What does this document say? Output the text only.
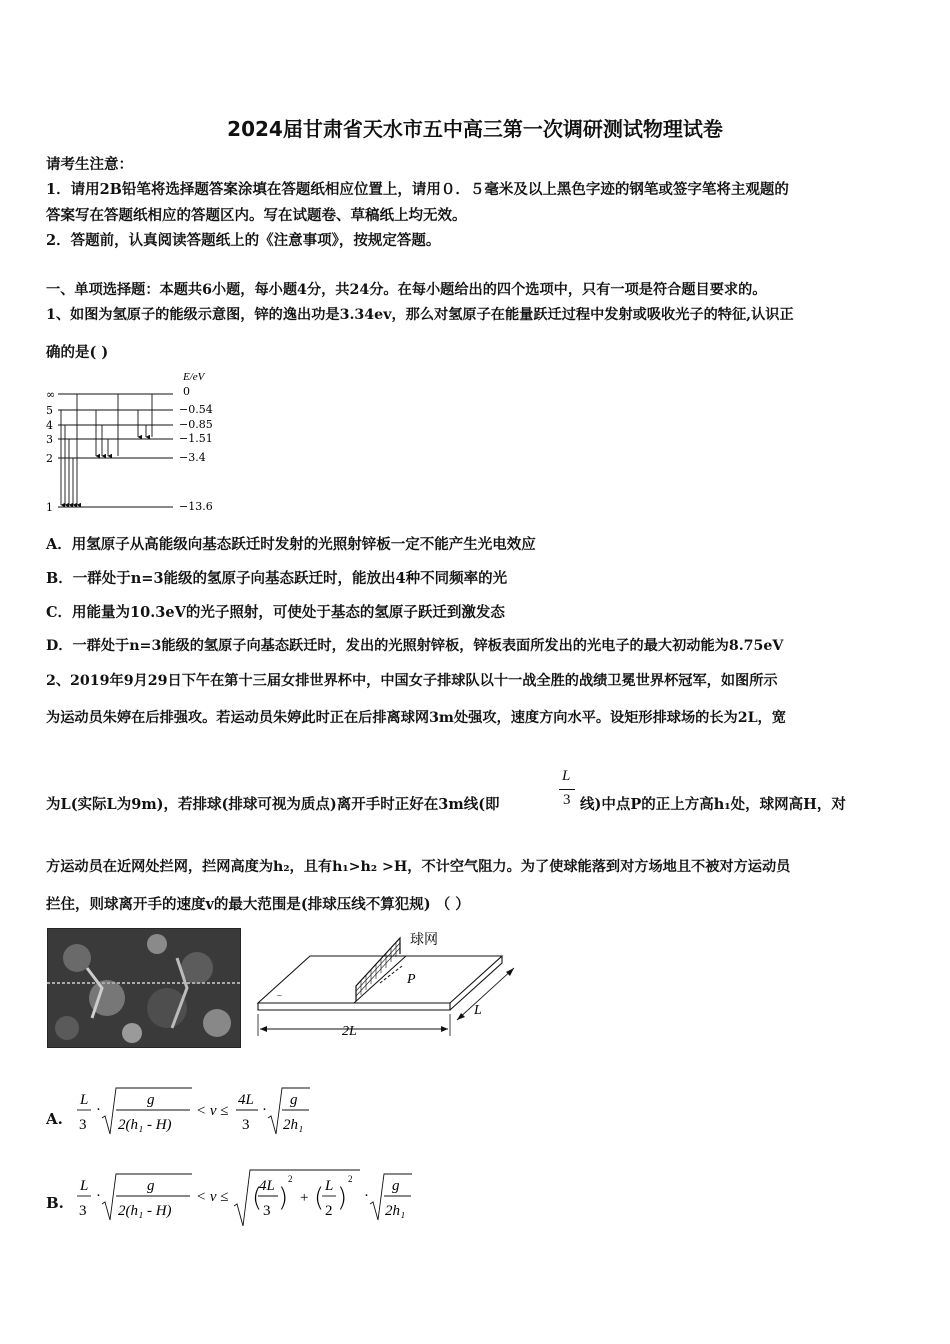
2024届甘肃省天水市五中高三第一次调研测试物理试卷
请考生注意：
1．请用2B铅笔将选择题答案涂填在答题纸相应位置上，请用０．５毫米及以上黑色字迹的钢笔或签字笔将主观题的
答案写在答题纸相应的答题区内。写在试题卷、草稿纸上均无效。
2．答题前，认真阅读答题纸上的《注意事项》，按规定答题。
一、单项选择题：本题共6小题，每小题4分，共24分。在每小题给出的四个选项中，只有一项是符合题目要求的。
1、如图为氢原子的能级示意图，锌的逸出功是3.34ev，那么对氢原子在能量跃迁过程中发射或吸收光子的特征,认识正
确的是( )
E/eV
∞
5
4
3
2
1
0
−0.54
−0.85
−1.51
−3.4
−13.6
A．用氢原子从高能级向基态跃迁时发射的光照射锌板一定不能产生光电效应
B．一群处于n=3能级的氢原子向基态跃迁时，能放出4种不同频率的光
C．用能量为10.3eV的光子照射，可使处于基态的氢原子跃迁到激发态
D．一群处于n=3能级的氢原子向基态跃迁时，发出的光照射锌板，锌板表面所发出的光电子的最大初动能为8.75eV
2、2019年9月29日下午在第十三届女排世界杯中，中国女子排球队以十一战全胜的战绩卫冕世界杯冠军，如图所示
为运动员朱婷在后排强攻。若运动员朱婷此时正在后排离球网3m处强攻，速度方向水平。设矩形排球场的长为2L，宽
为L(实际L为9m)，若排球(排球可视为质点)离开手时正好在3m线(即
L
3 线)中点P的正上方高h₁处，球网高H，对
方运动员在近网处拦网，拦网高度为h₂，且有h₁>h₂ >H，不计空气阻力。为了使球能落到对方场地且不被对方运动员
拦住，则球离开手的速度v的最大范围是(排球压线不算犯规) （ ）
球网
P
~
2L
L
A.
L
3
·
g
2(h₁ - H)
< v ≤
4L
3
·
g
2h₁
B.
L
3
·
g
2(h₁ - H)
< v ≤ (
4L
3 )
2
+ ( L
2 )
2
·
g
2h₁
